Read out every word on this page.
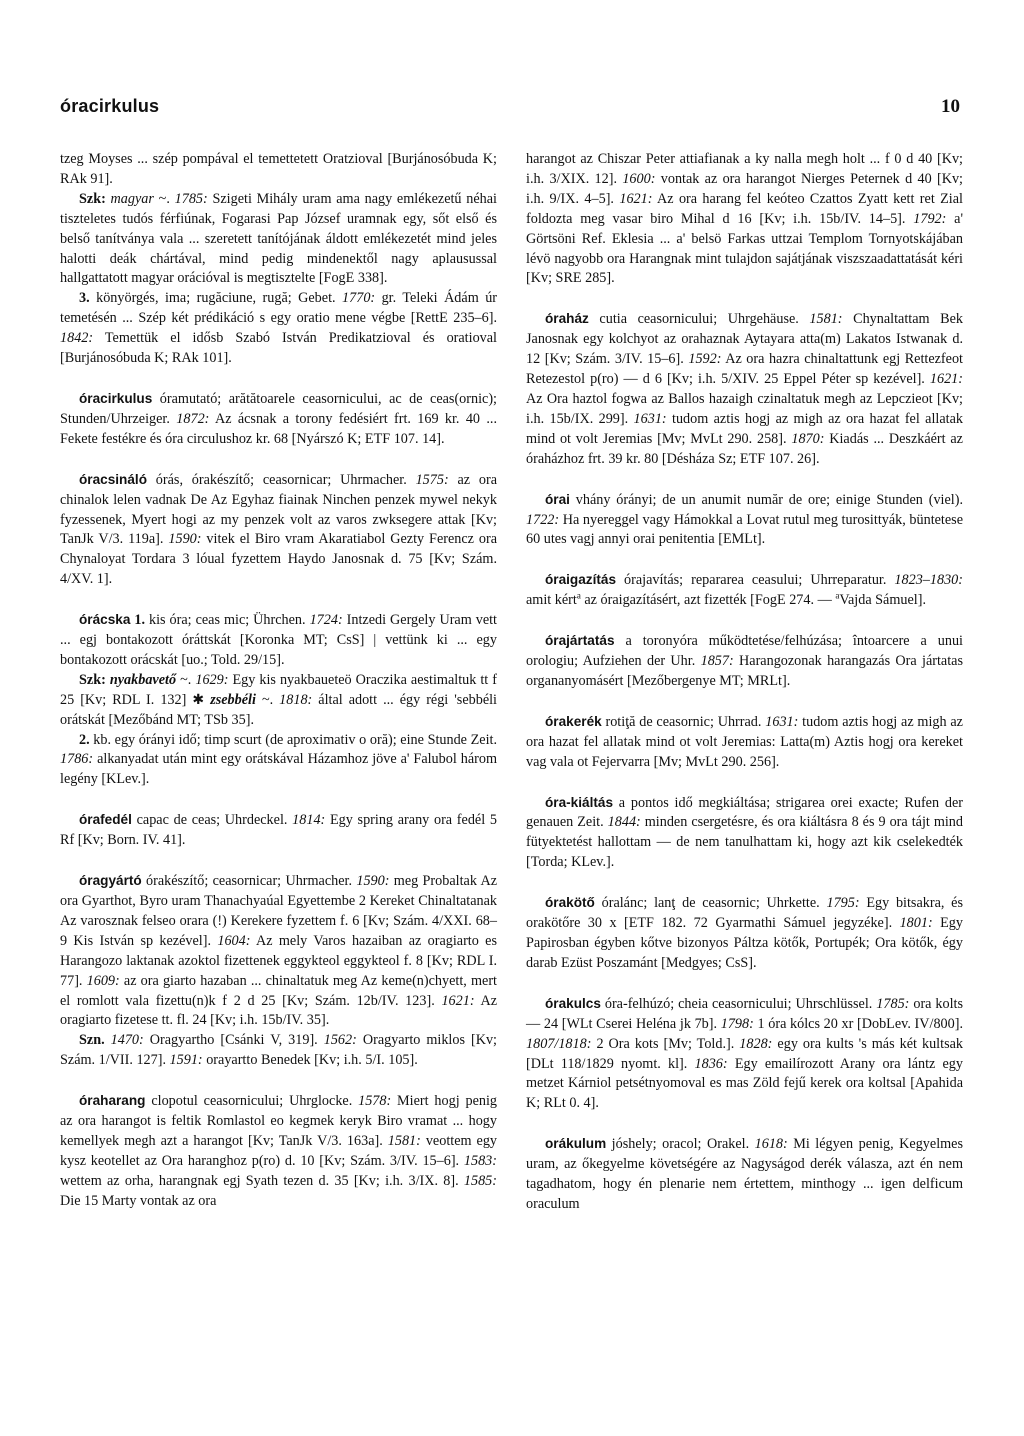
óracirkulus	10

tzeg Moyses ... szép pompával el temettetett Oratzioval [Burjánosóbuda K; RAk 91].

Szk: magyar ~. 1785: Szigeti Mihály uram ama nagy emlékezetű néhai tiszteletes tudós férfiúnak, Fogarasi Pap József uramnak egy, sőt első és belső tanítványa vala ... szeretett tanítójának áldott emlékezetét mind jeles halotti deák chártával, mind pedig mindenektől nagy aplausussal hallgattatott magyar orációval is megtisztelte [FogE 338].

3. könyörgés, ima; rugăciune, rugă; Gebet. 1770: gr. Teleki Ádám úr temetésén ... Szép két prédikáció s egy oratio mene végbe [RettE 235–6]. 1842: Temettük el idősb Szabó István Predikatzioval és oratioval [Burjánosóbuda K; RAk 101].

óracirkulus óramutató; arătătoarele ceasornicului, ac de ceas(ornic); Stunden/Uhrzeiger. 1872: Az ácsnak a torony fedésiért frt. 169 kr. 40 ... Fekete festékre és óra circulushoz kr. 68 [Nyárszó K; ETF 107. 14].

óracsináló órás, órakészítő; ceasornicar; Uhrmacher. 1575: az ora chinalok lelen vadnak De Az Egyhaz fiainak Ninchen penzek mywel nekyk fyzessenek, Myert hogi az my penzek volt az varos zwksegere attak [Kv; TanJk V/3. 119a]. 1590: vitek el Biro vram Akaratiabol Gezty Ferencz ora Chynaloyat Tordara 3 lóual fyzettem Haydo Janosnak d. 75 [Kv; Szám. 4/XV. 1].

órácska 1. kis óra; ceas mic; Ührchen. 1724: Intzedi Gergely Uram vett ... egj bontakozott óráttskát [Koronka MT; CsS] | vettünk ki ... egy bontakozott orácskát [uo.; Told. 29/15].

Szk: nyakbavető ~. 1629: Egy kis nyakbaueteö Oraczika aestimaltuk tt f 25 [Kv; RDL I. 132] ✱ zsebbéli ~. 1818: által adott ... égy régi 'sebbéli orátskát [Mezőbánd MT; TSb 35].

2. kb. egy órányi idő; timp scurt (de aproximativ o oră); eine Stunde Zeit. 1786: alkanyadat után mint egy orátskával Házamhoz jöve a' Falubol három legény [KLev.].

órafedél capac de ceas; Uhrdeckel. 1814: Egy spring arany ora fedél 5 Rf [Kv; Born. IV. 41].

óragyártó órakészítő; ceasornicar; Uhrmacher. 1590: meg Probaltak Az ora Gyarthot, Byro uram Thanachyaúal Egyettembe 2 Kereket Chinaltatanak Az varosznak felseo orara (!) Kerekere fyzettem f. 6 [Kv; Szám. 4/XXI. 68–9 Kis István sp kezével]. 1604: Az mely Varos hazaiban az oragiarto es Harangozo laktanak azoktol fizettenek eggykteol eggykteol f. 8 [Kv; RDL I. 77]. 1609: az ora giarto hazaban ... chinaltatuk meg Az keme(n)chyett, mert el romlott vala fizettu(n)k f 2 d 25 [Kv; Szám. 12b/IV. 123]. 1621: Az oragiarto fizetese tt. fl. 24 [Kv; i.h. 15b/IV. 35].

Szn. 1470: Oragyartho [Csánki V, 319]. 1562: Oragyarto miklos [Kv; Szám. 1/VII. 127]. 1591: orayartto Benedek [Kv; i.h. 5/I. 105].

óraharang clopotul ceasornicului; Uhrglocke. 1578: Miert hogj penig az ora harangot is feltik Romlastol eo kegmek keryk Biro vramat ... hogy kemellyek megh azt a harangot [Kv; TanJk V/3. 163a]. 1581: veottem egy kysz keotellet az Ora haranghoz p(ro) d. 10 [Kv; Szám. 3/IV. 15–6]. 1583: wettem az orha, harangnak egj Syath tezen d. 35 [Kv; i.h. 3/IX. 8]. 1585: Die 15 Marty vontak az ora

harangot az Chiszar Peter attiafianak a ky nalla megh holt ... f 0 d 40 [Kv; i.h. 3/XIX. 12]. 1600: vontak az ora harangot Nierges Peternek d 40 [Kv; i.h. 9/IX. 4–5]. 1621: Az ora harang fel keóteo Czattos Zyatt kett ret Zial foldozta meg vasar biro Mihal d 16 [Kv; i.h. 15b/IV. 14–5]. 1792: a' Görtsöni Ref. Eklesia ... a' belsö Farkas uttzai Templom Tornyotskájában lévö nagyobb ora Harangnak mint tulajdon sajátjának viszszaadattatását kéri [Kv; SRE 285].

óraház cutia ceasornicului; Uhrgehäuse. 1581: Chynaltattam Bek Janosnak egy kolchyot az orahaznak Aytayara atta(m) Lakatos Istwanak d. 12 [Kv; Szám. 3/IV. 15–6]. 1592: Az ora hazra chinaltattunk egj Rettezfeot Retezestol p(ro) — d 6 [Kv; i.h. 5/XIV. 25 Eppel Péter sp kezével]. 1621: Az Ora haztol fogwa az Ballos hazaigh czinaltatuk megh az Lepczieot [Kv; i.h. 15b/IX. 299]. 1631: tudom aztis hogj az migh az ora hazat fel allatak mind ot volt Jeremias [Mv; MvLt 290. 258]. 1870: Kiadás ... Deszkáért az óraházhoz frt. 39 kr. 80 [Désháza Sz; ETF 107. 26].

órai vhány órányi; de un anumit număr de ore; einige Stunden (viel). 1722: Ha nyereggel vagy Hámokkal a Lovat rutul meg turosittyák, büntetese 60 utes vagj annyi orai penitentia [EMLt].

óraigazítás órajavítás; repararea ceasului; Uhrreparatur. 1823–1830: amit kért$^a$ az óraigazításért, azt fizették [FogE 274. — $^a$Vajda Sámuel].

órajártatás a toronyóra működtetése/felhúzása; întoarcere a unui orologiu; Aufziehen der Uhr. 1857: Harangozonak harangazás Ora jártatas organanyomásért [Mezőbergenye MT; MRLt].

órakerék rotiţă de ceasornic; Uhrrad. 1631: tudom aztis hogj az migh az ora hazat fel allatak mind ot volt Jeremias: Latta(m) Aztis hogj ora kereket vag vala ot Fejervarra [Mv; MvLt 290. 256].

óra-kiáltás a pontos idő megkiáltása; strigarea orei exacte; Rufen der genauen Zeit. 1844: minden csergetésre, és ora kiáltásra 8 és 9 ora tájt mind fütyektetést hallottam — de nem tanulhattam ki, hogy azt kik cselekedték [Torda; KLev.].

órakötő óralánc; lanţ de ceasornic; Uhrkette. 1795: Egy bitsakra, és orakötőre 30 x [ETF 182. 72 Gyarmathi Sámuel jegyzéke]. 1801: Egy Papirosban égyben kőtve bizonyos Páltza kötők, Portupék; Ora kötők, égy darab Ezüst Poszamánt [Medgyes; CsS].

órakulcs óra-felhúzó; cheia ceasornicului; Uhrschlüssel. 1785: ora kolts — 24 [WLt Cserei Heléna jk 7b]. 1798: 1 óra kólcs 20 xr [DobLev. IV/800]. 1807/1818: 2 Ora kots [Mv; Told.]. 1828: egy ora kults 's más két kultsak [DLt 118/1829 nyomt. kl]. 1836: Egy emailírozott Arany ora lántz egy metzet Kárniol petsétnyomoval es mas Zöld fejű kerek ora koltsal [Apahida K; RLt 0. 4].

orákulum jóshely; oracol; Orakel. 1618: Mi légyen penig, Kegyelmes uram, az őkegyelme követségére az Nagyságod derék válasza, azt én nem tagadhatom, hogy én plenarie nem értettem, minthogy ... igen delficum oraculum
